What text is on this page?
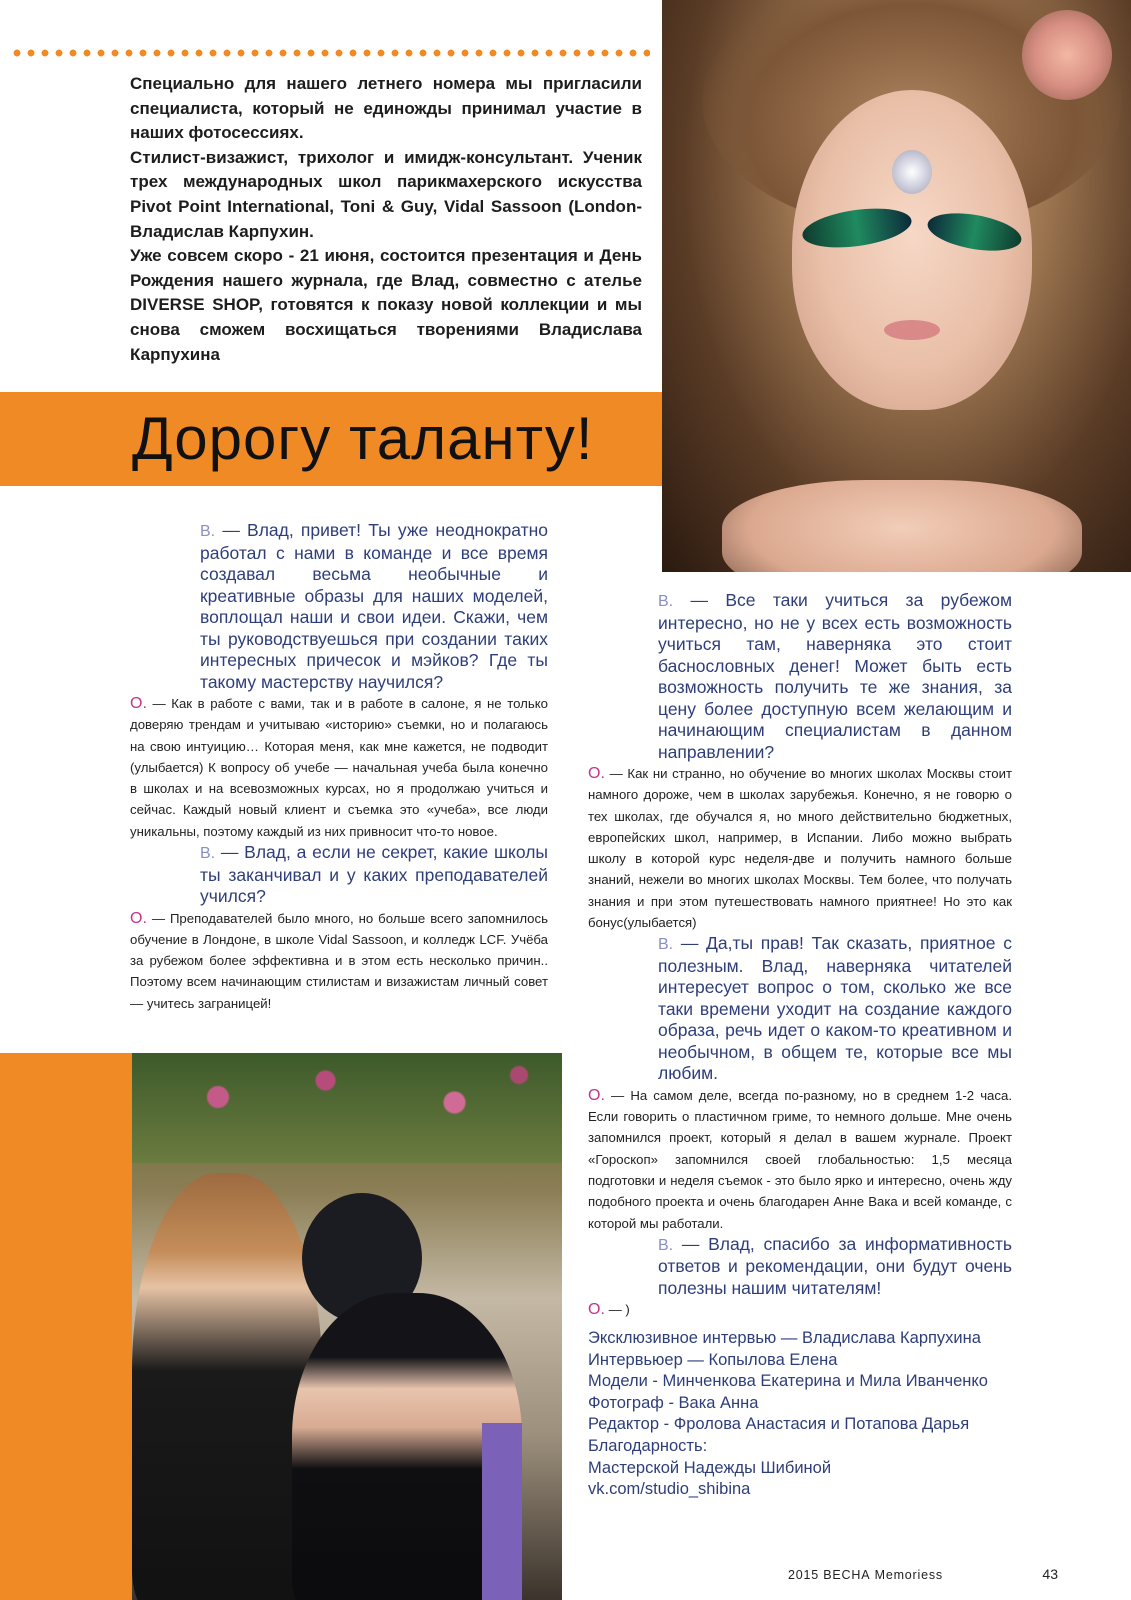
Специально для нашего летнего номера мы пригласили специалиста, который не единожды принимал участие в наших фотосессиях.

Стилист-визажист, трихолог и имидж-консультант. Ученик трех международных школ парикмахерского искусства Pivot Point International, Toni & Guy, Vidal Sassoon (London- Владислав Карпухин.

Уже совсем скоро - 21 июня, состоится презентация и День Рождения нашего журнала, где Влад, совместно с ателье DIVERSE SHOP, готовятся к показу новой коллекции и мы снова сможем восхищаться творениями Владислава Карпухина

Дорогу таланту!

В. — Влад, привет! Ты уже неоднократно работал с нами в команде и все время создавал весьма необычные и креативные образы для наших моделей, воплощал наши и свои идеи. Скажи, чем ты руководствуешься при создании таких интересных причесок и мэйков? Где ты такому мастерству научился?

О. — Как в работе с вами, так и в работе в салоне, я не только доверяю трендам и учитываю «историю» съемки, но и полагаюсь на свою интуицию… Которая меня, как мне кажется, не подводит (улыбается) К вопросу об учебе — начальная учеба была конечно в школах и на всевозможных курсах, но я продолжаю учиться и сейчас. Каждый новый клиент и съемка это «учеба», все люди уникальны, поэтому каждый из них привносит что-то новое.

В. — Влад, а если не секрет, какие школы ты заканчивал и у каких преподавателей учился?

О. — Преподавателей было много, но больше всего запомнилось обучение в Лондоне, в школе Vidal Sassoon, и колледж LCF. Учёба за рубежом более эффективна и в этом есть несколько причин.. Поэтому всем начинающим стилистам и визажистам личный совет — учитесь заграницей!

В. — Все таки учиться за рубежом интересно, но не у всех есть возможность учиться там, наверняка это стоит баснословных денег! Может быть есть возможность получить те же знания, за цену более доступную всем желающим и начинающим специалистам в данном направлении?

О. — Как ни странно, но обучение во многих школах Москвы стоит намного дороже, чем в школах зарубежья. Конечно, я не говорю о тех школах, где обучался я, но много действительно бюджетных, европейских школ, например, в Испании. Либо можно выбрать школу в которой курс неделя-две и получить намного больше знаний, нежели во многих школах Москвы. Тем более, что получать знания и при этом путешествовать намного приятнее! Но это как бонус(улыбается)

В. — Да,ты прав! Так сказать, приятное с полезным. Влад, наверняка читателей интересует вопрос о том, сколько же все таки времени уходит на создание каждого образа, речь идет о каком-то креативном и необычном, в общем те, которые все мы любим.

О. — На самом деле, всегда по-разному, но в среднем 1-2 часа. Если говорить о пластичном гриме, то немного дольше. Мне очень запомнился проект, который я делал в вашем журнале. Проект «Гороскоп» запомнился своей глобальностью: 1,5 месяца подготовки и неделя съемок - это было ярко и интересно, очень жду подобного проекта и очень благодарен Анне Вака и всей команде, с которой мы работали.

В. — Влад, спасибо за информативность ответов и рекомендации, они будут очень полезны нашим читателям!

О. — )

Эксклюзивное интервью — Владислава Карпухина
Интервьюер — Копылова Елена
Модели - Минченкова Екатерина и Мила Иванченко
Фотограф - Вака Анна
Редактор - Фролова Анастасия и Потапова Дарья
Благодарность:
Мастерской Надежды Шибиной
vk.com/studio_shibina
2015 ВЕСНА Memoriess	43
